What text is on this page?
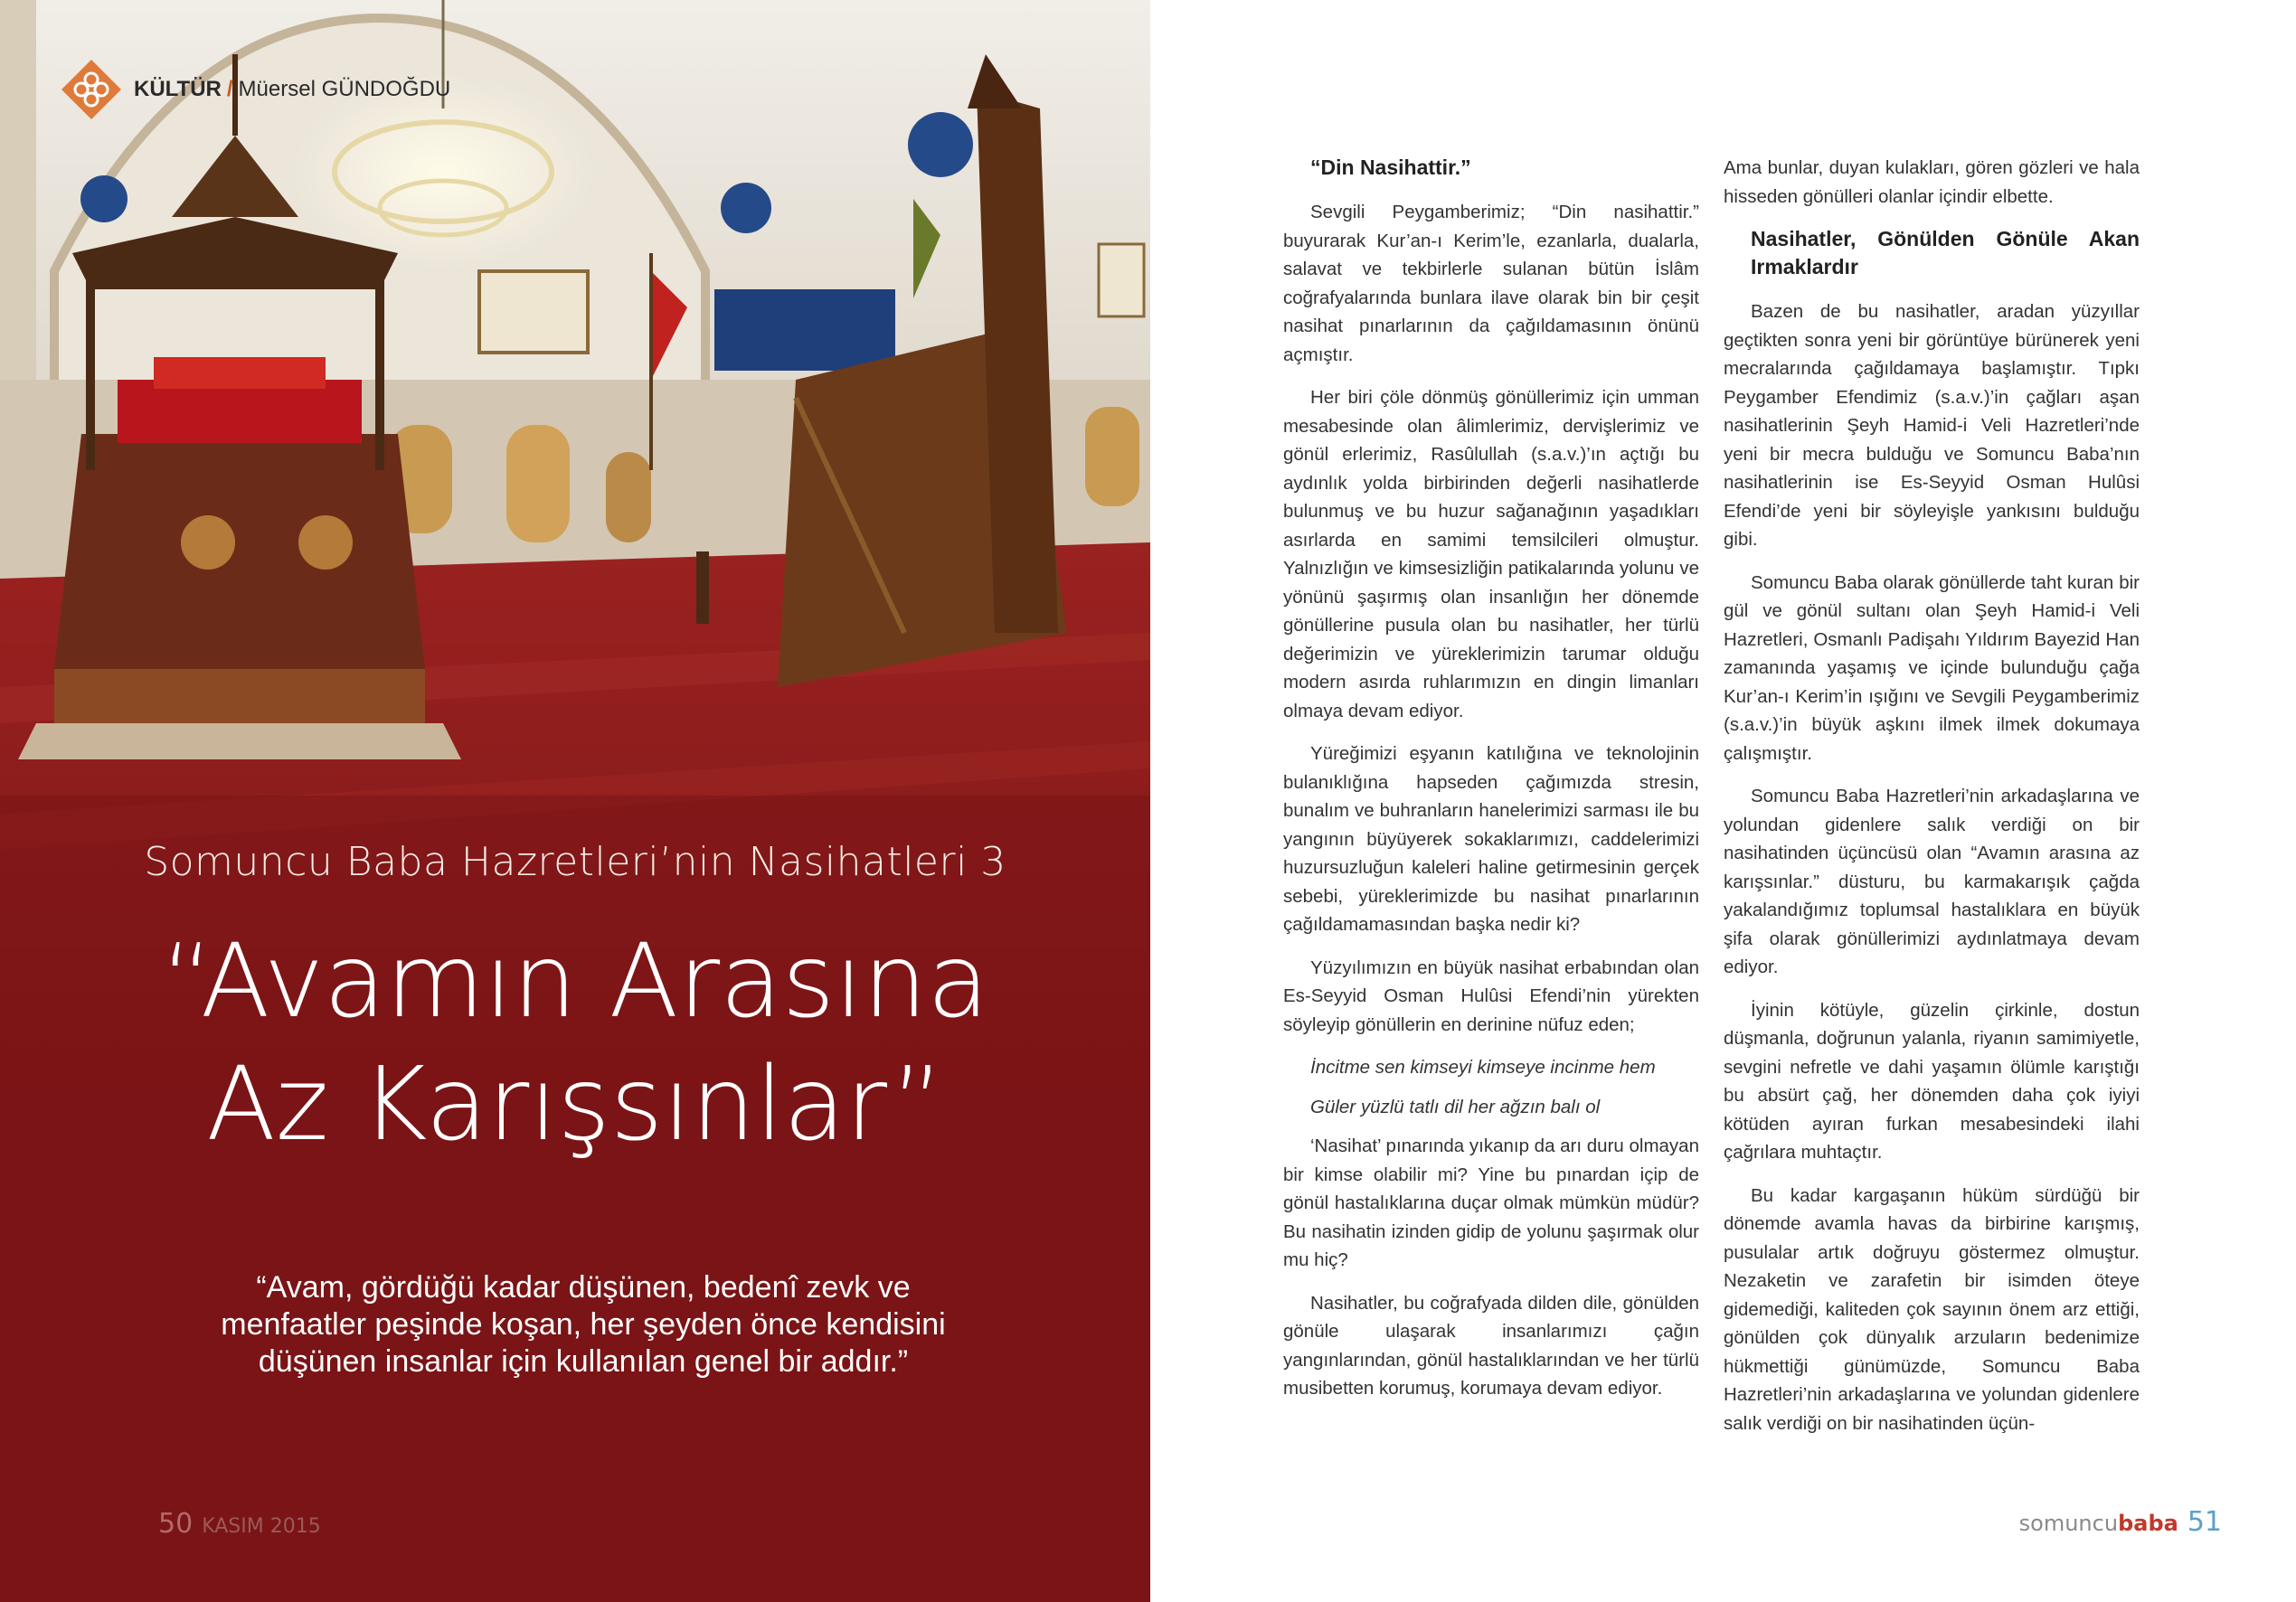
KÜLTÜR / Müersel GÜNDOĞDU
Somuncu Baba Hazretleri’nin Nasihatleri 3
“Avamın Arasına
Az Karışsınlar”
“Avam, gördüğü kadar düşünen, bedenî zevk ve menfaatler peşinde koşan, her şeyden önce kendisini düşünen insanlar için kullanılan genel bir addır.”
50 KASIM 2015
“Din Nasihattir.”

Sevgili Peygamberimiz; “Din nasihattir.” buyurarak Kur’an-ı Kerim’le, ezanlarla, dualarla, salavat ve tekbirlerle sulanan bütün İslâm coğrafyalarında bunlara ilave olarak bin bir çeşit nasihat pınarlarının da çağıldamasının önünü açmıştır.

Her biri çöle dönmüş gönüllerimiz için umman mesabesinde olan âlimlerimiz, dervişlerimiz ve gönül erlerimiz, Rasûlullah (s.a.v.)’ın açtığı bu aydınlık yolda birbirinden değerli nasihatlerde bulunmuş ve bu huzur sağanağının yaşadıkları asırlarda en samimi temsilcileri olmuştur. Yalnızlığın ve kimsesizliğin patikalarında yolunu ve yönünü şaşırmış olan insanlığın her dönemde gönüllerine pusula olan bu nasihatler, her türlü değerimizin ve yüreklerimizin tarumar olduğu modern asırda ruhlarımızın en dingin limanları olmaya devam ediyor.

Yüreğimizi eşyanın katılığına ve teknolojinin bulanıklığına hapseden çağımızda stresin, bunalım ve buhranların hanelerimizi sarması ile bu yangının büyüyerek sokaklarımızı, caddelerimizi huzursuzluğun kaleleri haline getirmesinin gerçek sebebi, yüreklerimizde bu nasihat pınarlarının çağıldamamasından başka nedir ki?

Yüzyılımızın en büyük nasihat erbabından olan Es-Seyyid Osman Hulûsi Efendi’nin yürekten söyleyip gönüllerin en derinine nüfuz eden;

İncitme sen kimseyi kimseye incinme hem

Güler yüzlü tatlı dil her ağzın balı ol

‘Nasihat’ pınarında yıkanıp da arı duru olmayan bir kimse olabilir mi? Yine bu pınardan içip de gönül hastalıklarına duçar olmak mümkün müdür? Bu nasihatin izinden gidip de yolunu şaşırmak olur mu hiç?

Nasihatler, bu coğrafyada dilden dile, gönülden gönüle ulaşarak insanlarımızı çağın yangınlarından, gönül hastalıklarından ve her türlü musibetten korumuş, korumaya devam ediyor.

Ama bunlar, duyan kulakları, gören gözleri ve hala hisseden gönülleri olanlar içindir elbette.

Nasihatler, Gönülden Gönüle Akan Irmaklardır

Bazen de bu nasihatler, aradan yüzyıllar geçtikten sonra yeni bir görüntüye bürünerek yeni mecralarında çağıldamaya başlamıştır. Tıpkı Peygamber Efendimiz (s.a.v.)’in çağları aşan nasihatlerinin Şeyh Hamid-i Veli Hazretleri’nde yeni bir mecra bulduğu ve Somuncu Baba’nın nasihatlerinin ise Es-Seyyid Osman Hulûsi Efendi’de yeni bir söyleyişle yankısını bulduğu gibi.

Somuncu Baba olarak gönüllerde taht kuran bir gül ve gönül sultanı olan Şeyh Hamid-i Veli Hazretleri, Osmanlı Padişahı Yıldırım Bayezid Han zamanında yaşamış ve içinde bulunduğu çağa Kur’an-ı Kerim’in ışığını ve Sevgili Peygamberimiz (s.a.v.)’in büyük aşkını ilmek ilmek dokumaya çalışmıştır.

Somuncu Baba Hazretleri’nin arkadaşlarına ve yolundan gidenlere salık verdiği on bir nasihatinden üçüncüsü olan “Avamın arasına az karışsınlar.” düsturu, bu karmakarışık çağda yakalandığımız toplumsal hastalıklara en büyük şifa olarak gönüllerimizi aydınlatmaya devam ediyor.

İyinin kötüyle, güzelin çirkinle, dostun düşmanla, doğrunun yalanla, riyanın samimiyetle, sevgini nefretle ve dahi yaşamın ölümle karıştığı bu absürt çağ, her dönemden daha çok iyiyi kötüden ayıran furkan mesabesindeki ilahi çağrılara muhtaçtır.

Bu kadar kargaşanın hüküm sürdüğü bir dönemde avamla havas da birbirine karışmış, pusulalar artık doğruyu göstermez olmuştur. Nezaketin ve zarafetin bir isimden öteye gidemediği, kaliteden çok sayının önem arz ettiği, gönülden çok dünyalık arzuların bedenimize hükmettiği günümüzde, Somuncu Baba Hazretleri’nin arkadaşlarına ve yolundan gidenlere salık verdiği on bir nasihatinden üçün-

somuncubaba 51
